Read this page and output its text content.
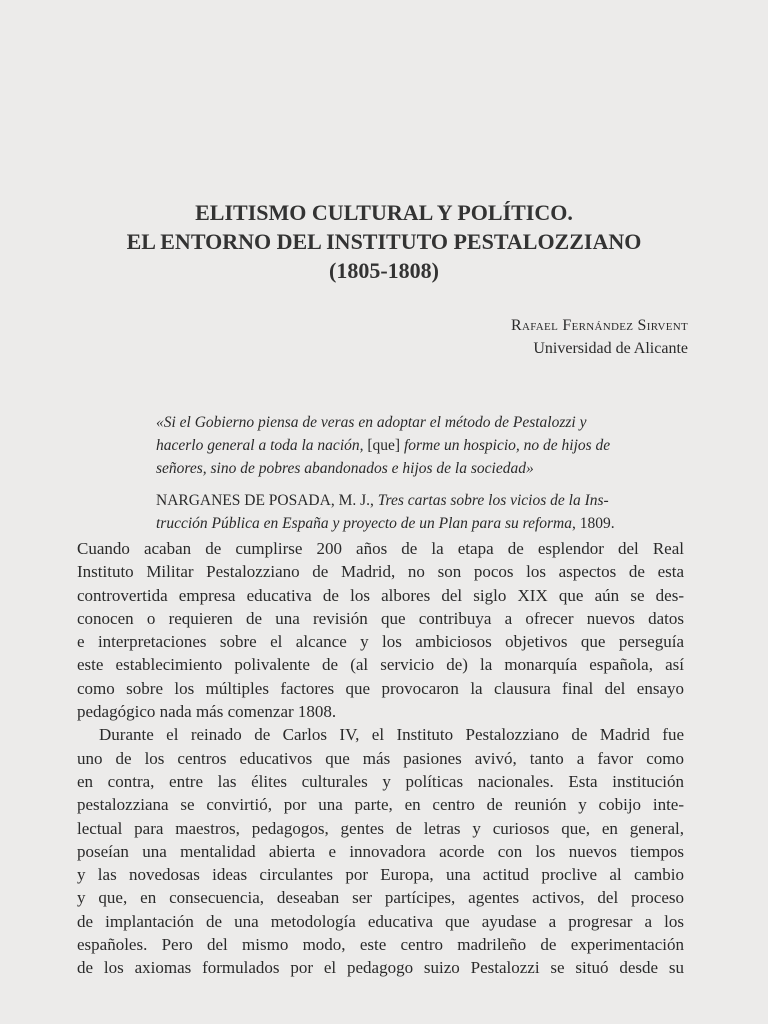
ELITISMO CULTURAL Y POLÍTICO.
EL ENTORNO DEL INSTITUTO PESTALOZZIANO
(1805-1808)
Rafael Fernández Sirvent
Universidad de Alicante
«Si el Gobierno piensa de veras en adoptar el método de Pestalozzi y
hacerlo general a toda la nación, [que] forme un hospicio, no de hijos de
señores, sino de pobres abandonados e hijos de la sociedad»
NARGANES DE POSADA, M. J., Tres cartas sobre los vicios de la Ins-
trucción Pública en España y proyecto de un Plan para su reforma, 1809.
Cuando acaban de cumplirse 200 años de la etapa de esplendor del Real
Instituto Militar Pestalozziano de Madrid, no son pocos los aspectos de esta
controvertida empresa educativa de los albores del siglo XIX que aún se des-
conocen o requieren de una revisión que contribuya a ofrecer nuevos datos
e interpretaciones sobre el alcance y los ambiciosos objetivos que perseguía
este establecimiento polivalente de (al servicio de) la monarquía española, así
como sobre los múltiples factores que provocaron la clausura final del ensayo
pedagógico nada más comenzar 1808.
Durante el reinado de Carlos IV, el Instituto Pestalozziano de Madrid fue
uno de los centros educativos que más pasiones avivó, tanto a favor como
en contra, entre las élites culturales y políticas nacionales. Esta institución
pestalozziana se convirtió, por una parte, en centro de reunión y cobijo inte-
lectual para maestros, pedagogos, gentes de letras y curiosos que, en general,
poseían una mentalidad abierta e innovadora acorde con los nuevos tiempos
y las novedosas ideas circulantes por Europa, una actitud proclive al cambio
y que, en consecuencia, deseaban ser partícipes, agentes activos, del proceso
de implantación de una metodología educativa que ayudase a progresar a los
españoles. Pero del mismo modo, este centro madrileño de experimentación
de los axiomas formulados por el pedagogo suizo Pestalozzi se situó desde su
